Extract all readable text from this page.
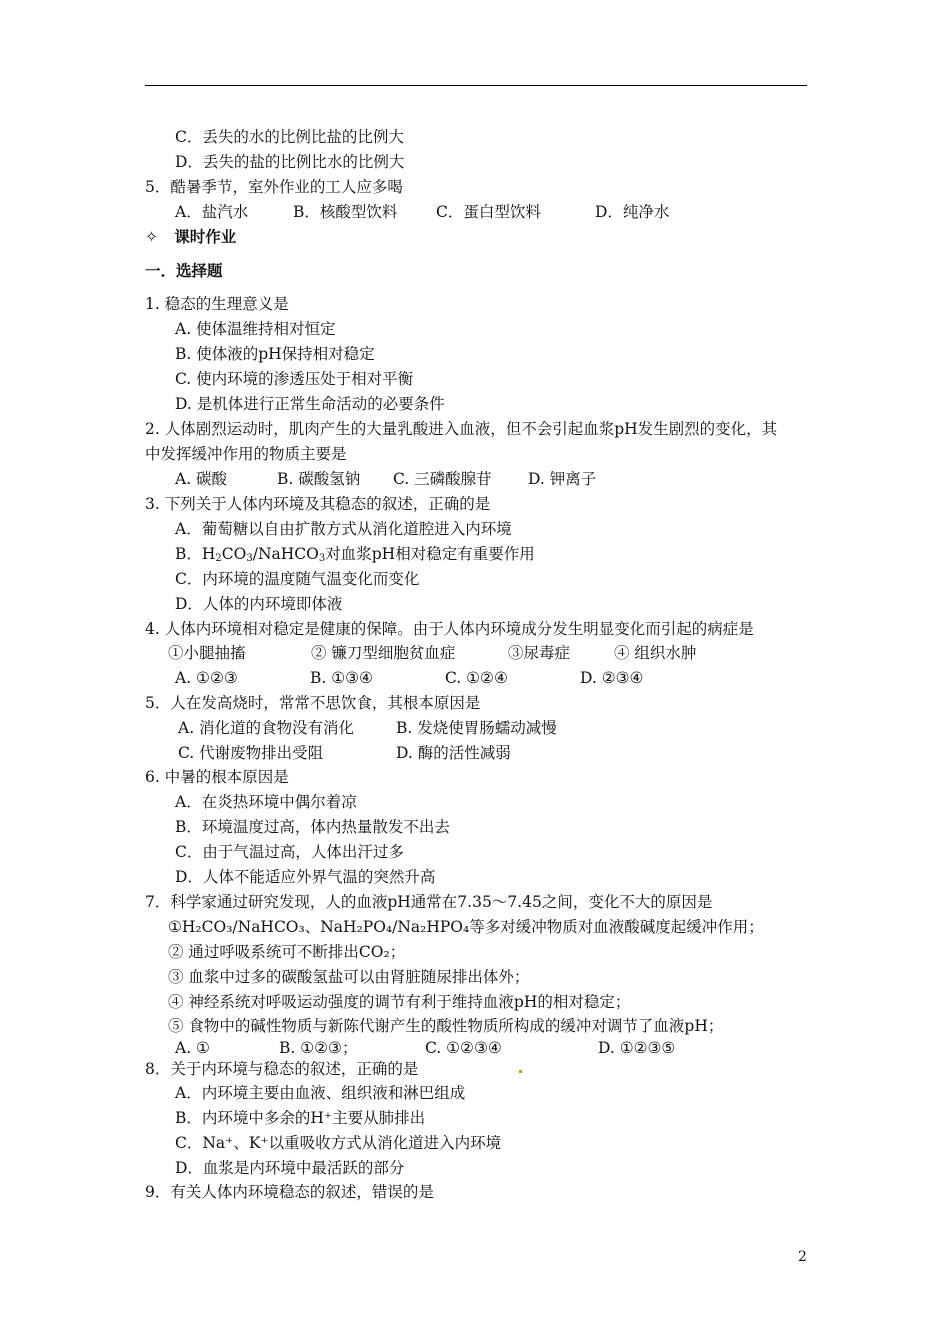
C．丢失的水的比例比盐的比例大
D．丢失的盐的比例比水的比例大
5．酷暑季节，室外作业的工人应多喝
A．盐汽水	B．核酸型饮料 C．蛋白型饮料	D．纯净水
✧ 课时作业
一．选择题
1. 稳态的生理意义是
A. 使体温维持相对恒定
B. 使体液的pH保持相对稳定
C. 使内环境的渗透压处于相对平衡
D. 是机体进行正常生命活动的必要条件
2. 人体剧烈运动时，肌肉产生的大量乳酸进入血液，但不会引起血浆pH发生剧烈的变化，其
中发挥缓冲作用的物质主要是
A. 碳酸	B. 碳酸氢钠 C. 三磷酸腺苷 D. 钾离子
3. 下列关于人体内环境及其稳态的叙述，正确的是
A．葡萄糖以自由扩散方式从消化道腔进入内环境
B．$H_2CO_3/NaHCO_3$对血浆pH相对稳定有重要作用
C．内环境的温度随气温变化而变化
D．人体的内环境即体液
4. 人体内环境相对稳定是健康的保障。由于人体内环境成分发生明显变化而引起的病症是
①小腿抽搐	② 镰刀型细胞贫血症	③尿毒症	④ 组织水肿
A. ①②③	B. ①③④	C. ①②④	D. ②③④
5．人在发高烧时，常常不思饮食，其根本原因是
A. 消化道的食物没有消化	B. 发烧使胃肠蠕动减慢
C. 代谢废物排出受阻	D. 酶的活性减弱
6. 中暑的根本原因是
A．在炎热环境中偶尔着凉
B．环境温度过高，体内热量散发不出去
C．由于气温过高，人体出汗过多
D．人体不能适应外界气温的突然升高
7．科学家通过研究发现，人的血液pH通常在7.35～7.45之间，变化不大的原因是
①H₂CO₃/NaHCO₃、NaH₂PO₄/Na₂HPO₄等多对缓冲物质对血液酸碱度起缓冲作用；
② 通过呼吸系统可不断排出CO₂；
③ 血浆中过多的碳酸氢盐可以由肾脏随尿排出体外；
④ 神经系统对呼吸运动强度的调节有利于维持血液pH的相对稳定；
⑤ 食物中的碱性物质与新陈代谢产生的酸性物质所构成的缓冲对调节了血液pH；
A. ①	B. ①②③；	C. ①②③④	D. ①②③⑤
8．关于内环境与稳态的叙述，正确的是
A．内环境主要由血液、组织液和淋巴组成
B．内环境中多余的H⁺主要从肺排出
C．Na⁺、K⁺以重吸收方式从消化道进入内环境
D．血浆是内环境中最活跃的部分
9．有关人体内环境稳态的叙述，错误的是
2
